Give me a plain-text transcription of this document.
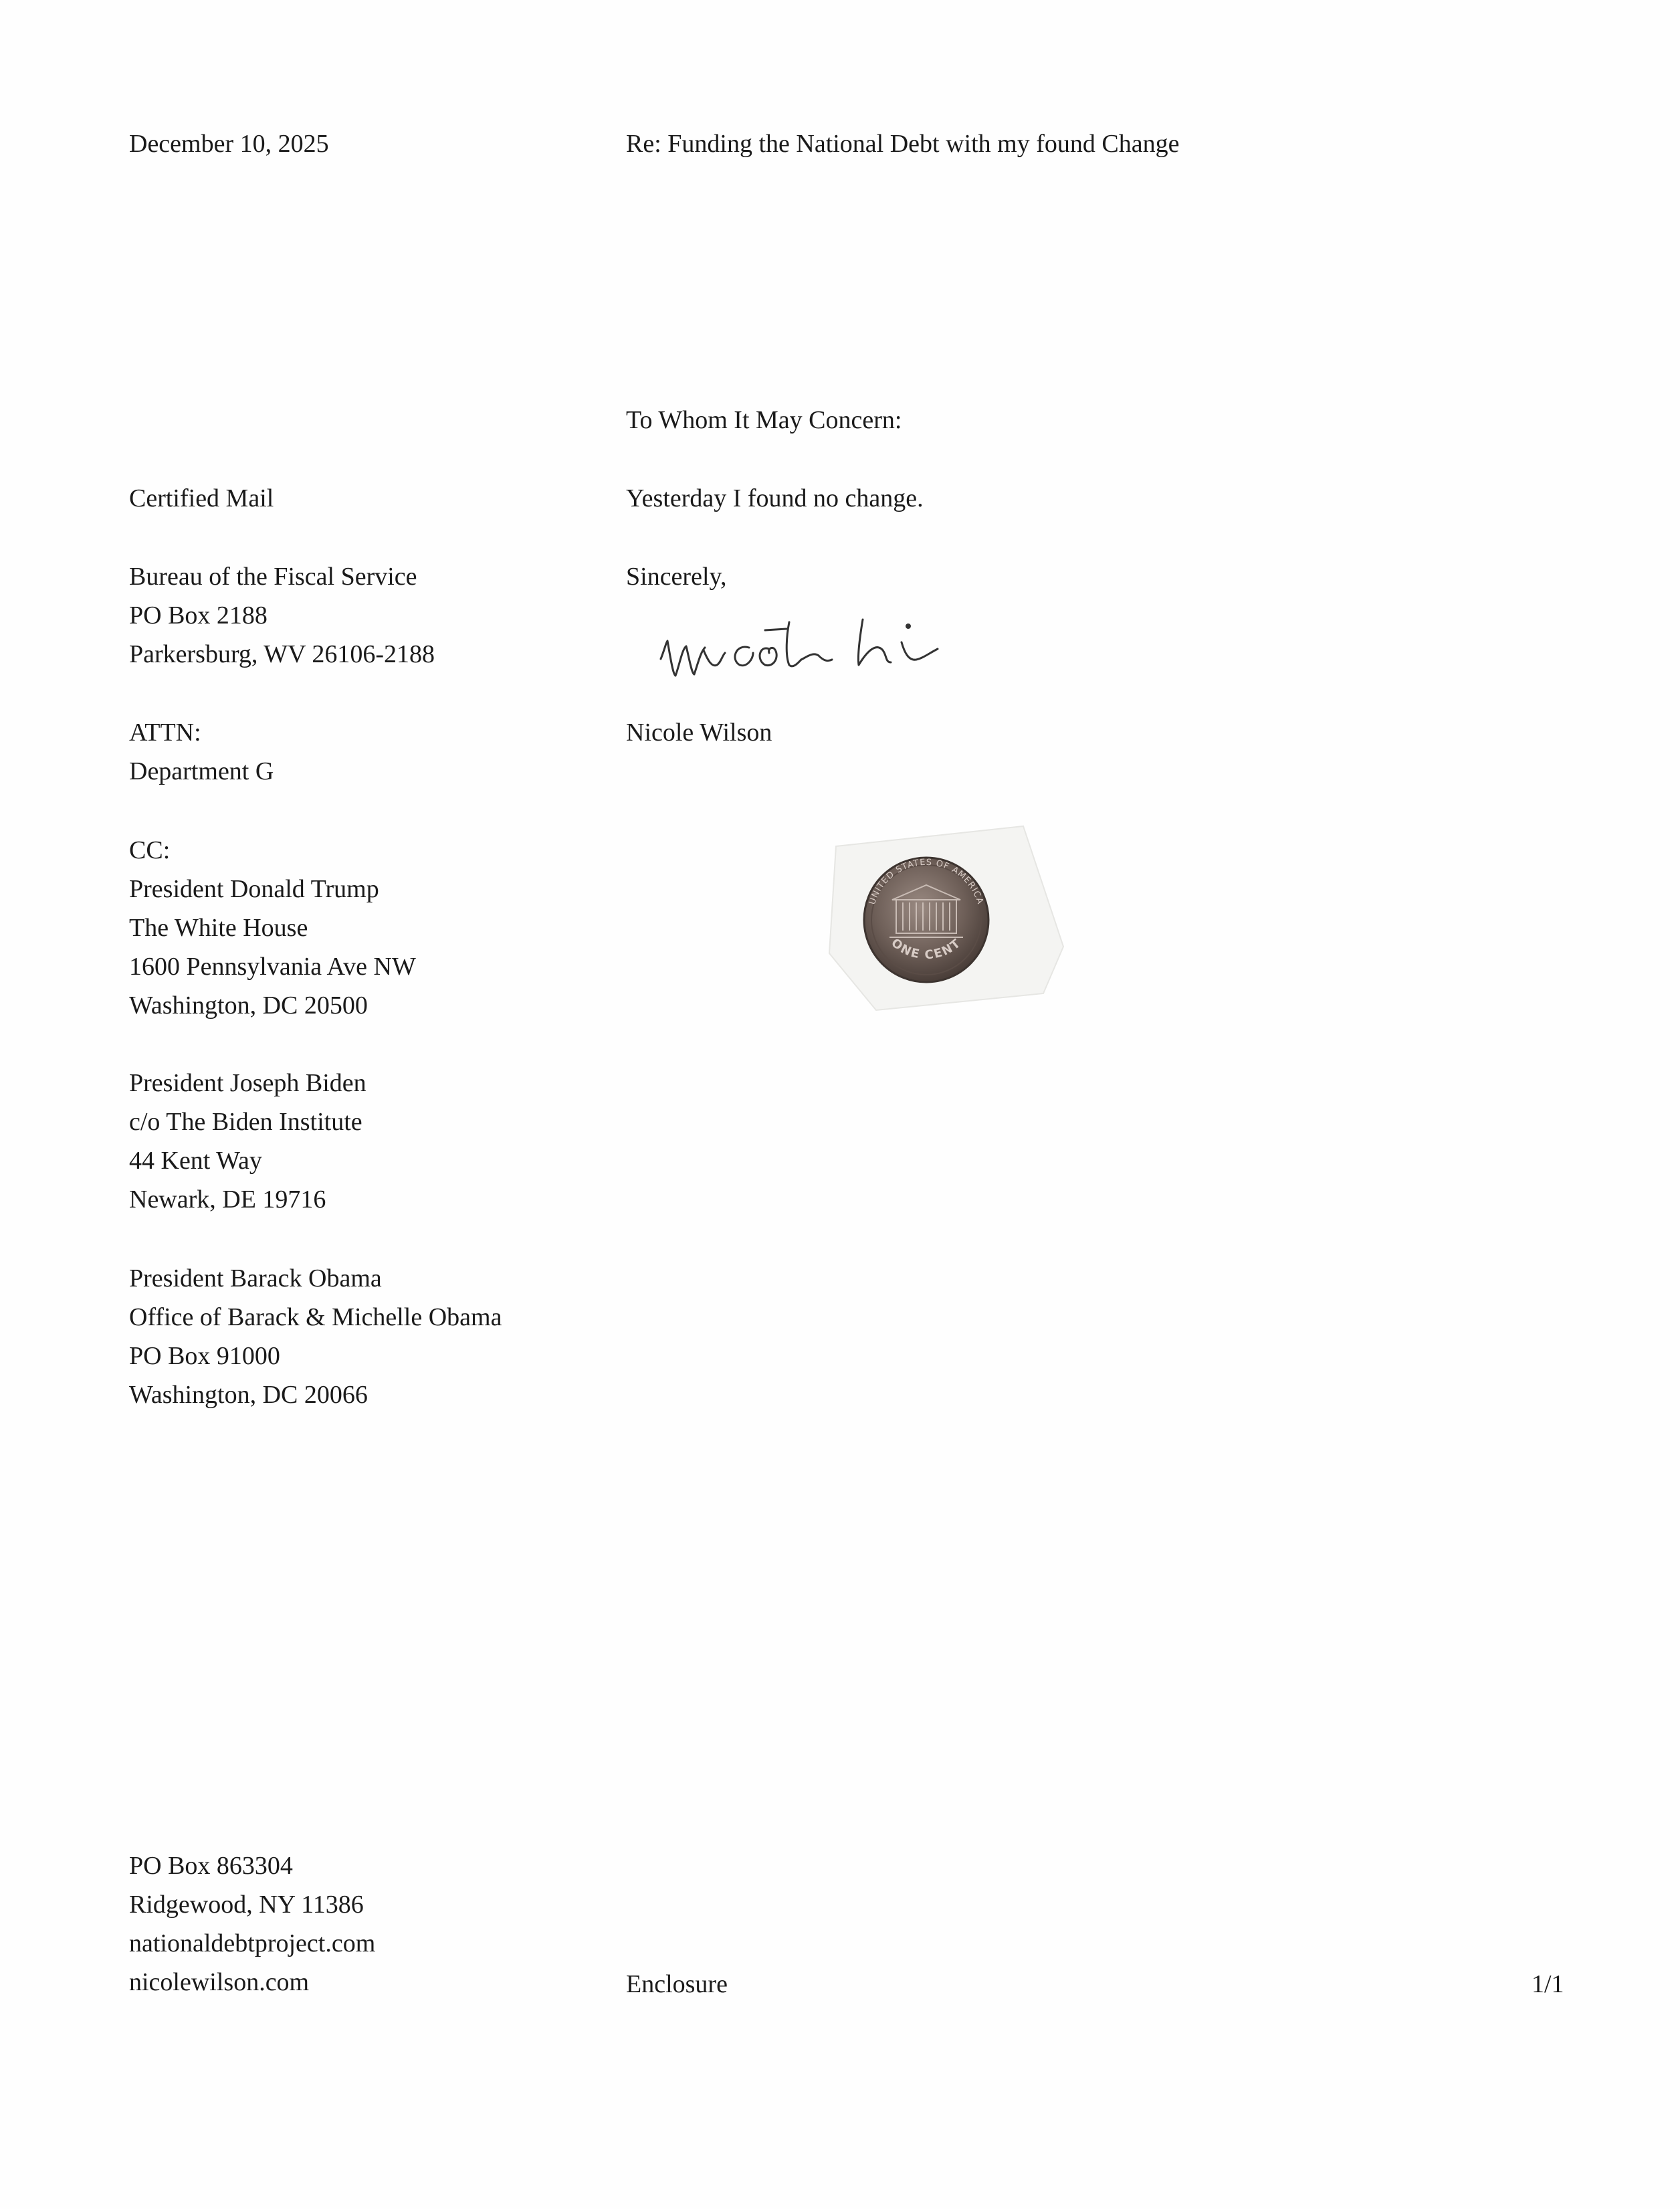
December 10, 2025	Re: Funding the National Debt with my found Change
To Whom It May Concern:
Certified Mail	Yesterday I found no change.
Bureau of the Fiscal Service
PO Box 2188
Parkersburg, WV 26106-2188
Sincerely,
ATTN:
Department G
Nicole Wilson
CC:
President Donald Trump
The White House
1600 Pennsylvania Ave NW
Washington, DC 20500
President Joseph Biden
c/o The Biden Institute
44 Kent Way
Newark, DE 19716
President Barack Obama
Office of Barack & Michelle Obama
PO Box 91000
Washington, DC 20066
UNITED STATES OF AMERICA
ONE CENT
PO Box 863304
Ridgewood, NY 11386
nationaldebtproject.com
nicolewilson.com	Enclosure	1/1
